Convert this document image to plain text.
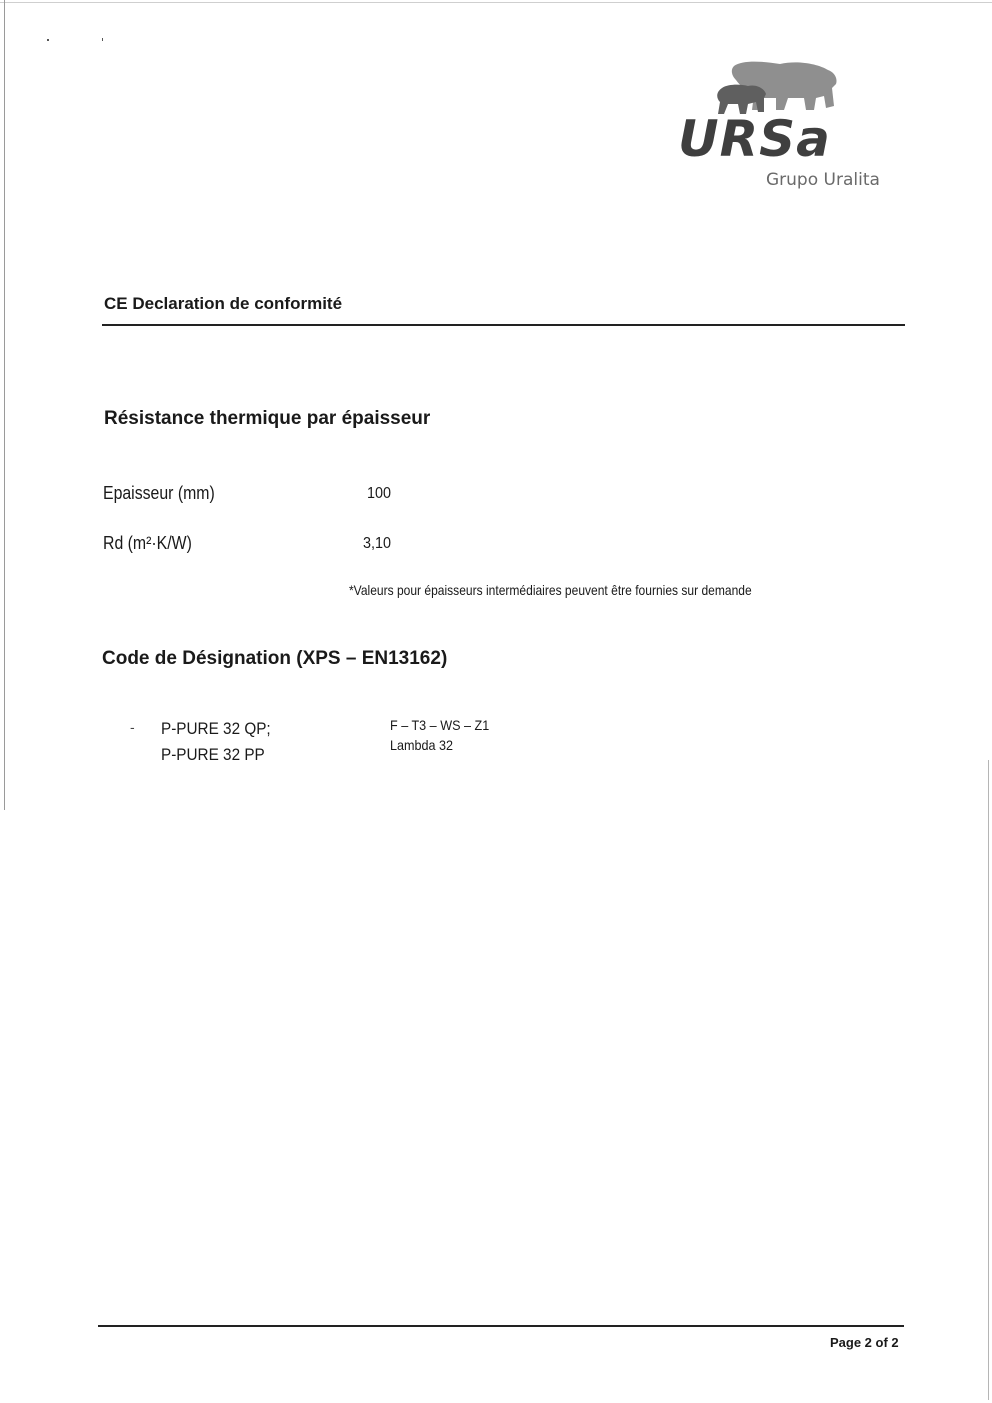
URSa
Grupo Uralita
CE Declaration de conformité
Résistance thermique par épaisseur
Epaisseur (mm)	100
Rd (m²·K/W)	3,10
*Valeurs pour épaisseurs intermédiaires peuvent être fournies sur demande
Code de Désignation (XPS – EN13162)
- P-PURE 32 QP;
P-PURE 32 PP
F – T3 – WS – Z1
Lambda 32
Page 2 of 2
